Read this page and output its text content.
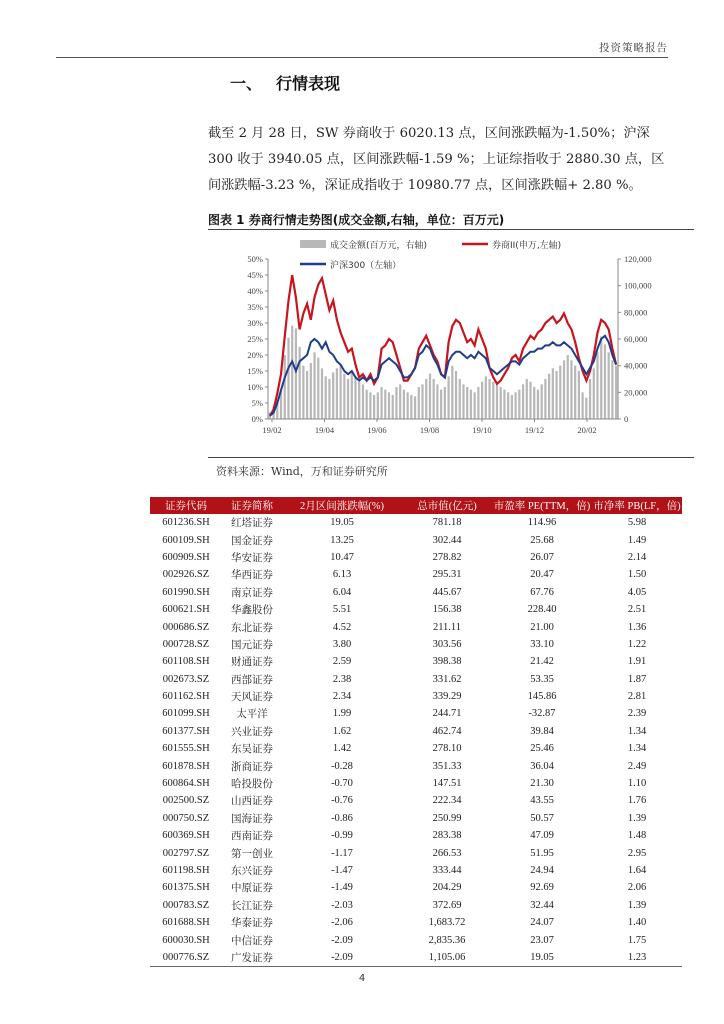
投资策略报告
一、 行情表现
截至 2 月 28 日，SW 券商收于 6020.13 点，区间涨跌幅为-1.50%；沪深 300 收于 3940.05 点，区间涨跌幅-1.59 %；上证综指收于 2880.30 点，区间涨跌幅-3.23 %，深证成指收于 10980.77 点，区间涨跌幅+ 2.80 %。
图表 1 券商行情走势图(成交金额,右轴，单位：百万元)
成交金额(百万元，右轴)	券商II(申万,左轴)
沪深300（左轴）
0%
5%
10%
15%
20%
25%
30%
35%
40%
45%
50%
0
20,000
40,000
60,000
80,000
100,000
120,000
19/02	19/04	19/06	19/08	19/10	19/12	20/02
资料来源：Wind，万和证券研究所
证券代码	证券简称	2月区间涨跌幅(%)	总市值(亿元)	市盈率 PE(TTM，倍)	市净率 PB(LF，倍)
601236.SH	红塔证券	19.05	781.18	114.96	5.98
600109.SH	国金证券	13.25	302.44	25.68	1.49
600909.SH	华安证券	10.47	278.82	26.07	2.14
002926.SZ	华西证券	6.13	295.31	20.47	1.50
601990.SH	南京证券	6.04	445.67	67.76	4.05
600621.SH	华鑫股份	5.51	156.38	228.40	2.51
000686.SZ	东北证券	4.52	211.11	21.00	1.36
000728.SZ	国元证券	3.80	303.56	33.10	1.22
601108.SH	财通证券	2.59	398.38	21.42	1.91
002673.SZ	西部证券	2.38	331.62	53.35	1.87
601162.SH	天风证券	2.34	339.29	145.86	2.81
601099.SH	太平洋	1.99	244.71	-32.87	2.39
601377.SH	兴业证券	1.62	462.74	39.84	1.34
601555.SH	东吴证券	1.42	278.10	25.46	1.34
601878.SH	浙商证券	-0.28	351.33	36.04	2.49
600864.SH	哈投股份	-0.70	147.51	21.30	1.10
002500.SZ	山西证券	-0.76	222.34	43.55	1.76
000750.SZ	国海证券	-0.86	250.99	50.57	1.39
600369.SH	西南证券	-0.99	283.38	47.09	1.48
002797.SZ	第一创业	-1.17	266.53	51.95	2.95
601198.SH	东兴证券	-1.47	333.44	24.94	1.64
601375.SH	中原证券	-1.49	204.29	92.69	2.06
000783.SZ	长江证券	-2.03	372.69	32.44	1.39
601688.SH	华泰证券	-2.06	1,683.72	24.07	1.40
600030.SH	中信证券	-2.09	2,835.36	23.07	1.75
000776.SZ	广发证券	-2.09	1,105.06	19.05	1.23
4
